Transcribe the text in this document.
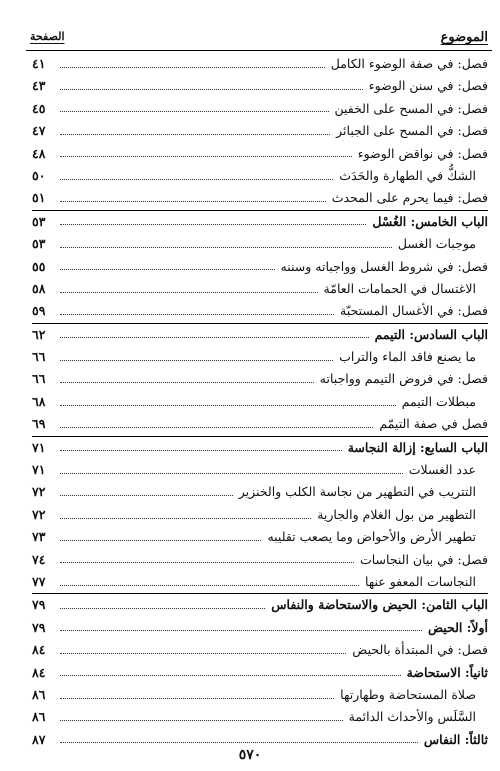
الموضوع
الصفحة
فصل: في صفة الوضوء الكامل
٤١
فصل: في سنن الوضوء
٤٣
فصل: في المسح على الخفين
٤٥
فصل: في المسح على الجبائر
٤٧
فصل: في نواقض الوضوء
٤٨
الشكُّ في الطهارة والحَدَث
٥٠
فصل: فيما يحرم على المحدث
٥١
الباب الخامس: الغُسْل
٥٣
موجبات الغسل
٥٣
فصل: في شروط الغسل وواجباته وسننه
٥٥
الاغتسال في الحمامات العامّة
٥٨
فصل: في الأغسال المستحبّة
٥٩
الباب السادس: التيمم
٦٢
ما يصنع فاقد الماء والتراب
٦٦
فصل: في فروض التيمم وواجباته
٦٦
مبطلات التيمم
٦٨
فصل في صفة التيمّم
٦٩
الباب السابع: إزالة النجاسة
٧١
عدد الغسلات
٧١
التتريب في التطهير من نجاسة الكلب والخنزير
٧٢
التطهير من بول الغلام والجارية
٧٢
تطهير الأرض والأحواض وما يصعب تقليبه
٧٣
فصل: في بيان النجاسات
٧٤
النجاسات المعفو عنها
٧٧
الباب الثامن: الحيض والاستحاضة والنفاس
٧٩
أولاً: الحيض
٧٩
فصل: في المبتدأة بالحيض
٨٤
ثانياً: الاستحاضة
٨٤
صلاة المستحاضة وطهارتها
٨٦
السَّلَس والأحداث الدائمة
٨٦
ثالثاً: النفاس
٨٧
٥٧٠
